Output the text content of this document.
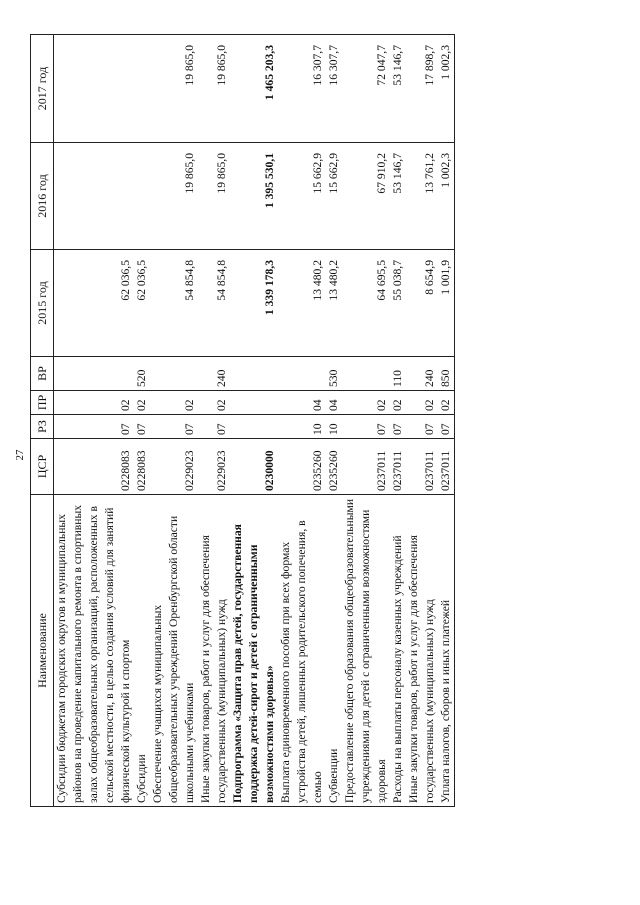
27
Наименование	ЦСР	РЗ	ПР	ВР	2015 год	2016 год	2017 год
Субсидии бюджетам городских округов и муниципальных районов на проведение капитального ремонта в спортивных залах общеобразовательных организаций, расположенных в сельской местности, в целью создания условий для занятий физической культурой и спортом	0228083	07	02		62 036,5		
Субсидии	0228083	07	02	520	62 036,5		
Обеспечение учащихся муниципальных общеобразовательных учреждений Оренбургской области школьными учебниками	0229023	07	02		54 854,8	19 865,0	19 865,0
Иные закупки товаров, работ и услуг для обеспечения государственных (муниципальных) нужд	0229023	07	02	240	54 854,8	19 865,0	19 865,0
Подпрограмма «Защита прав детей, государственная поддержка детей-сирот и детей с ограниченными возможностями здоровья»	0230000				1 339 178,3	1 395 530,1	1 465 203,3
Выплата единовременного пособия при всех формах устройства детей, лишенных родительского попечения, в семью	0235260	10	04		13 480,2	15 662,9	16 307,7
Субвенции	0235260	10	04	530	13 480,2	15 662,9	16 307,7
Предоставление общего образования общеобразовательными учреждениями для детей с ограниченными возможностями здоровья	0237011	07	02		64 695,5	67 910,2	72 047,7
Расходы на выплаты персоналу казенных учреждений	0237011	07	02	110	55 038,7	53 146,7	53 146,7
Иные закупки товаров, работ и услуг для обеспечения государственных (муниципальных) нужд	0237011	07	02	240	8 654,9	13 761,2	17 898,7
Уплата налогов, сборов и иных платежей	0237011	07	02	850	1 001,9	1 002,3	1 002,3
